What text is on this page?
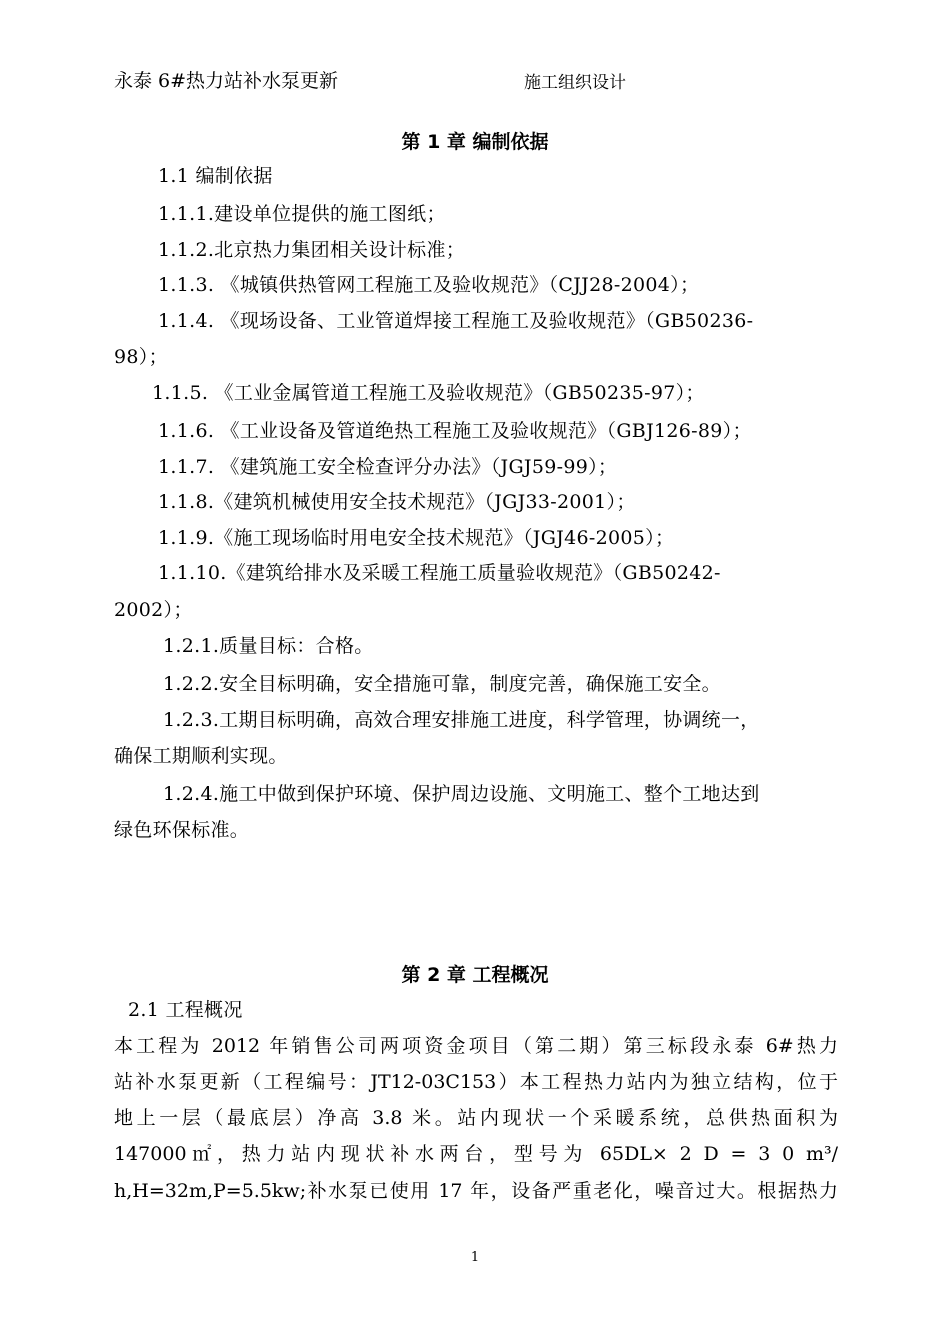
永泰 6#热力站补水泵更新	施工组织设计
第 1 章 编制依据
1.1 编制依据
1.1.1.建设单位提供的施工图纸；
1.1.2.北京热力集团相关设计标准；
1.1.3. 《城镇供热管网工程施工及验收规范》（CJJ28-2004）；
1.1.4. 《现场设备、工业管道焊接工程施工及验收规范》（GB50236-
98）；
1.1.5. 《工业金属管道工程施工及验收规范》（GB50235-97）；
1.1.6. 《工业设备及管道绝热工程施工及验收规范》（GBJ126-89）；
1.1.7. 《建筑施工安全检查评分办法》（JGJ59-99）；
1.1.8.《建筑机械使用安全技术规范》（JGJ33-2001）；
1.1.9.《施工现场临时用电安全技术规范》（JGJ46-2005）；
1.1.10.《建筑给排水及采暖工程施工质量验收规范》（GB50242-
2002）；
1.2.1.质量目标：合格。
1.2.2.安全目标明确，安全措施可靠，制度完善，确保施工安全。
1.2.3.工期目标明确，高效合理安排施工进度，科学管理，协调统一，
确保工期顺利实现。
1.2.4.施工中做到保护环境、保护周边设施、文明施工、整个工地达到
绿色环保标准。
第 2 章 工程概况
2.1 工程概况
本工程为 2012 年销售公司两项资金项目（第二期）第三标段永泰 6#热力
站补水泵更新（工程编号：JT12-03C153）本工程热力站内为独立结构，位于
地上一层（最底层）净高 3.8 米。站内现状一个采暖系统，总供热面积为
147000㎡，热力站内现状补水两台，型号为 65DL× 2 D = 3 0 m³/
h,H=32m,P=5.5kw;补水泵已使用 17 年，设备严重老化，噪音过大。根据热力
1
